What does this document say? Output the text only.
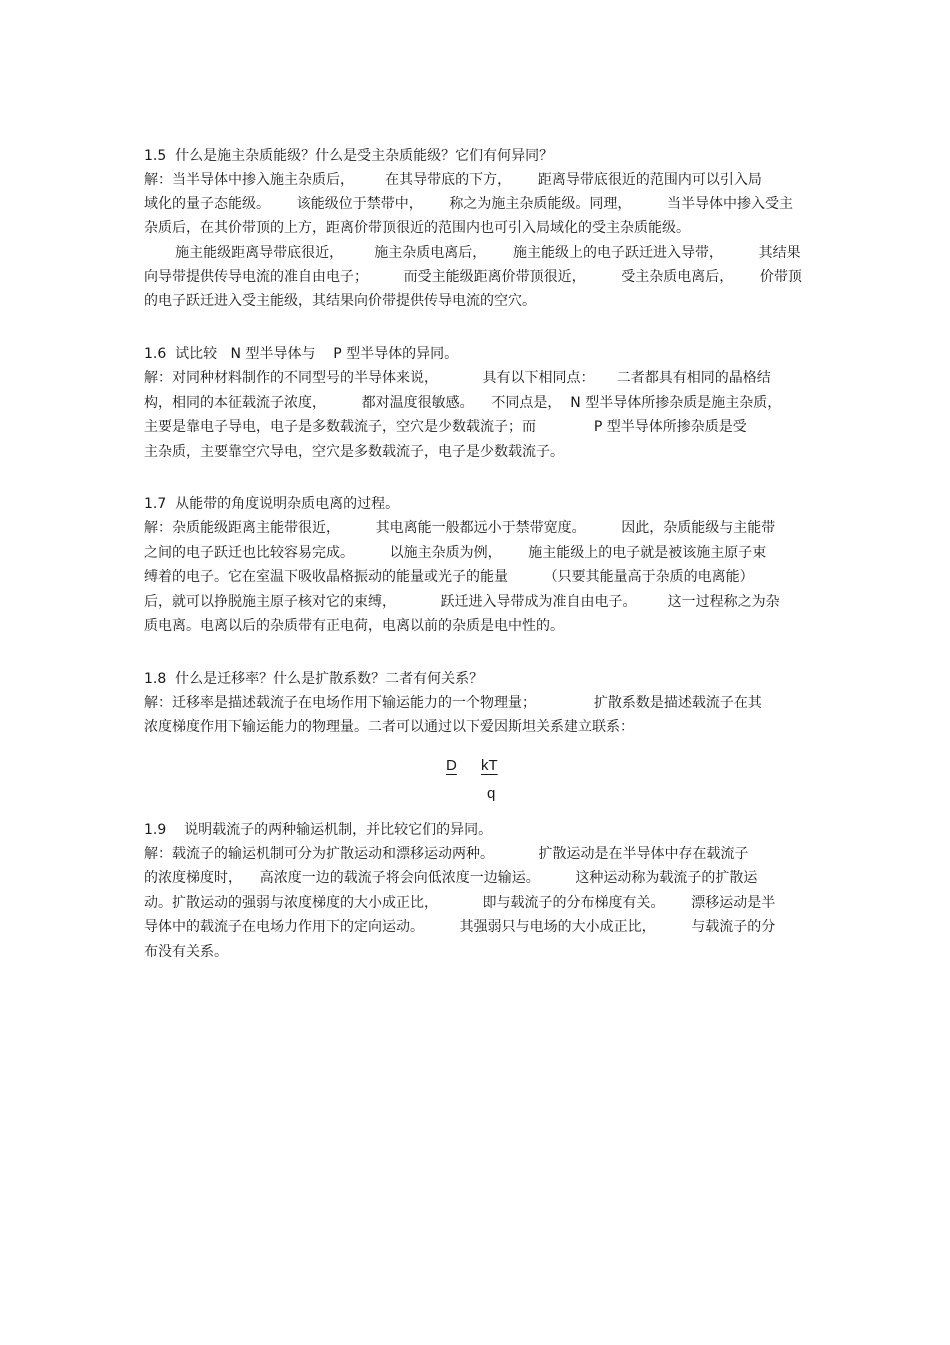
1.5  什么是施主杂质能级？什么是受主杂质能级？它们有何异同？
解：当半导体中掺入施主杂质后，       在其导带底的下方，      距离导带底很近的范围内可以引入局
域化的量子态能级。      该能级位于禁带中，      称之为施主杂质能级。同理，        当半导体中掺入受主
杂质后，在其价带顶的上方，距离价带顶很近的范围内也可引入局域化的受主杂质能级。
施主能级距离导带底很近，       施主杂质电离后，      施主能级上的电子跃迁进入导带，        其结果
向导带提供传导电流的准自由电子；        而受主能级距离价带顶很近，        受主杂质电离后，      价带顶
的电子跃迁进入受主能级，其结果向价带提供传导电流的空穴。
1.6  试比较   N 型半导体与    P 型半导体的异同。
解：对同种材料制作的不同型号的半导体来说，          具有以下相同点：     二者都具有相同的晶格结
构，相同的本征载流子浓度，        都对温度很敏感。    不同点是，  N 型半导体所掺杂质是施主杂质，
主要是靠电子导电，电子是多数载流子，空穴是少数载流子；而             P 型半导体所掺杂质是受
主杂质，主要靠空穴导电，空穴是多数载流子，电子是少数载流子。
1.7  从能带的角度说明杂质电离的过程。
解：杂质能级距离主能带很近，        其电离能一般都远小于禁带宽度。        因此，杂质能级与主能带
之间的电子跃迁也比较容易完成。        以施主杂质为例，      施主能级上的电子就是被该施主原子束
缚着的电子。它在室温下吸收晶格振动的能量或光子的能量        （只要其能量高于杂质的电离能）
后，就可以挣脱施主原子核对它的束缚，          跃迁进入导带成为准自由电子。       这一过程称之为杂
质电离。电离以后的杂质带有正电荷，电离以前的杂质是电中性的。
1.8  什么是迁移率？什么是扩散系数？二者有何关系？
解：迁移率是描述载流子在电场作用下输运能力的一个物理量；             扩散系数是描述载流子在其
浓度梯度作用下输运能力的物理量。二者可以通过以下爱因斯坦关系建立联系：
D kT
q
1.9    说明载流子的两种输运机制，并比较它们的异同。
解：载流子的输运机制可分为扩散运动和漂移运动两种。          扩散运动是在半导体中存在载流子
的浓度梯度时，    高浓度一边的载流子将会向低浓度一边输运。        这种运动称为载流子的扩散运
动。扩散运动的强弱与浓度梯度的大小成正比，          即与载流子的分布梯度有关。      漂移运动是半
导体中的载流子在电场力作用下的定向运动。        其强弱只与电场的大小成正比，        与载流子的分
布没有关系。
